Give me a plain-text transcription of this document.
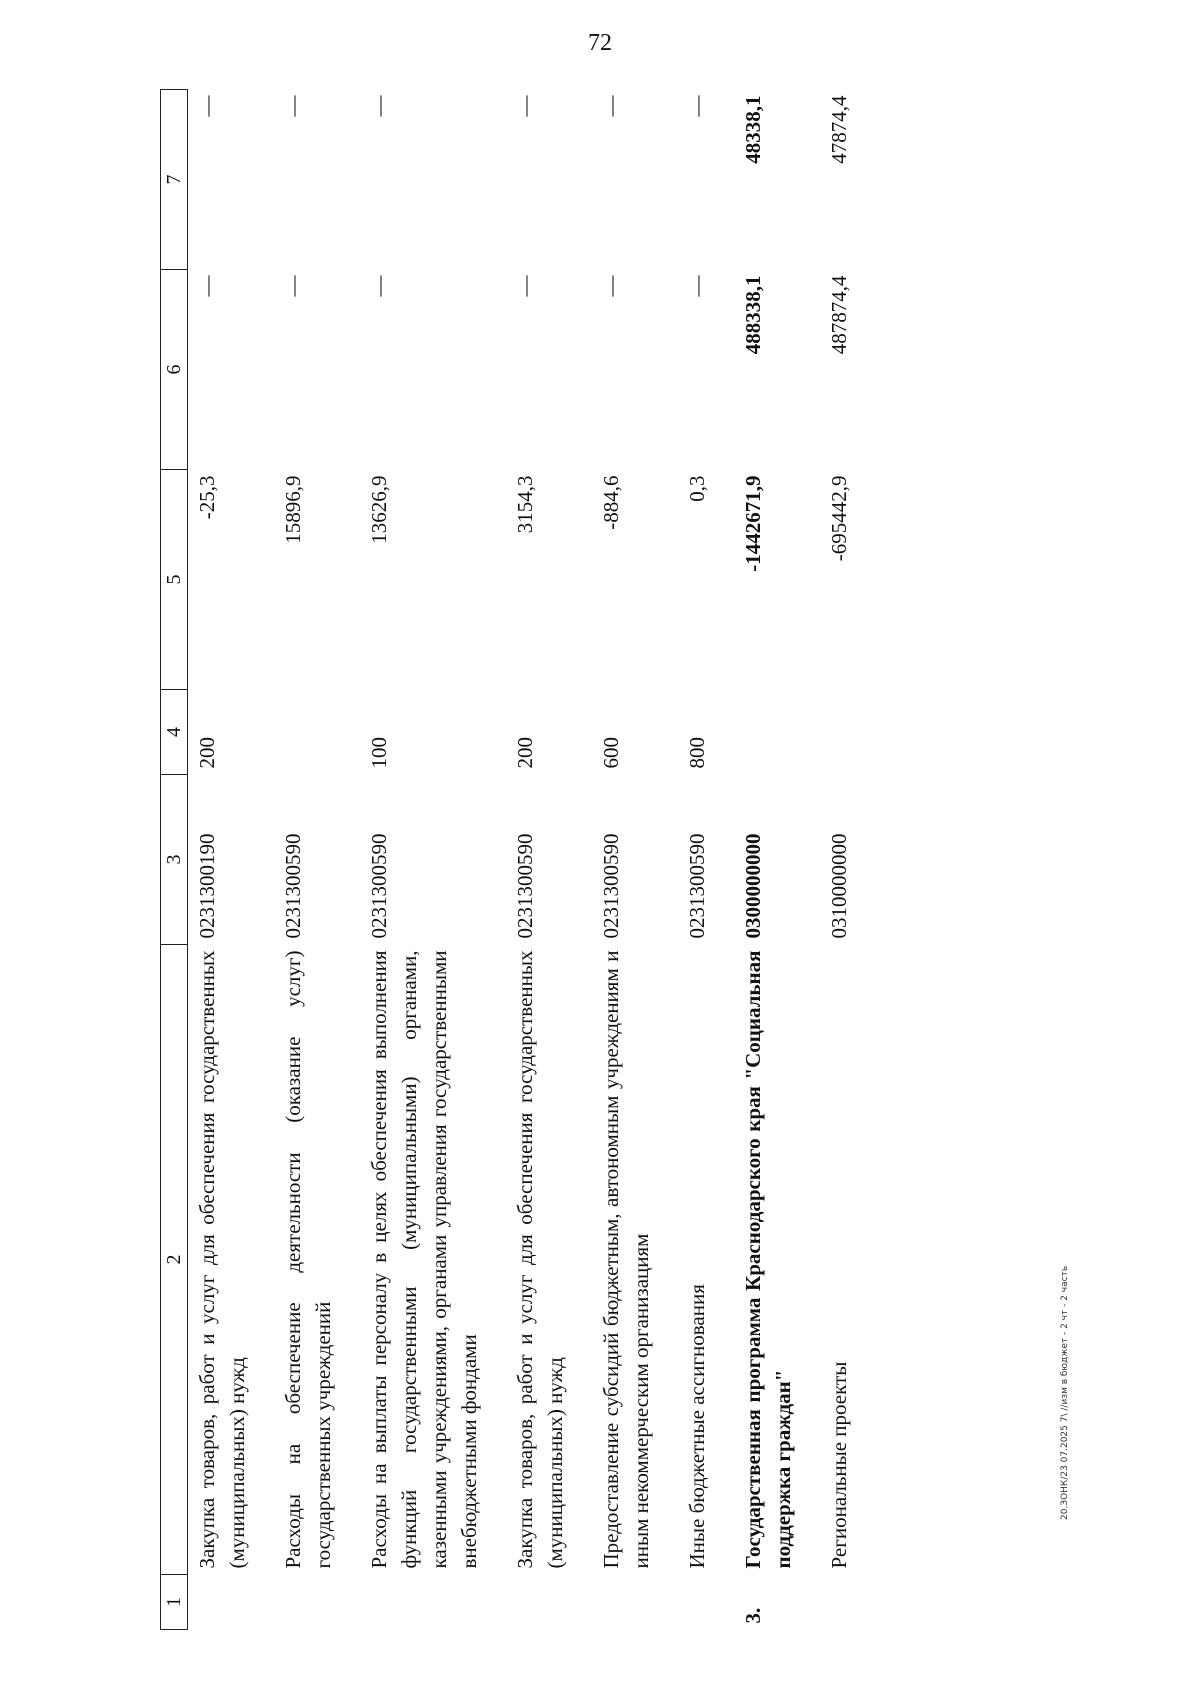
72
1	2	3	4	5	6	7
	Закупка товаров, работ и услуг для обеспечения государственных (муниципальных) нужд	0231300190	200	-25,3	—	—
	Расходы на обеспечение деятельности (оказание услуг) государственных учреждений	0231300590		15896,9	—	—
	Расходы на выплаты персоналу в целях обеспечения выполнения функций государственными (муниципальными) органами, казенными учреждениями, органами управления государственными внебюджетными фондами	0231300590	100	13626,9	—	—
	Закупка товаров, работ и услуг для обеспечения государственных (муниципальных) нужд	0231300590	200	3154,3	—	—
	Предоставление субсидий бюджетным, автономным учреждениям и иным некоммерческим организациям	0231300590	600	-884,6	—	—
	Иные бюджетные ассигнования	0231300590	800	0,3	—	—
3.	Государственная программа Краснодарского края "Социальная поддержка граждан"	0300000000		-1442671,9	488338,1	48338,1
	Региональные проекты	0310000000		-695442,9	487874,4	47874,4
20.ЗОНК/23 07.2025 7\ //изм в бюджет - 2 чт - 2 часть
